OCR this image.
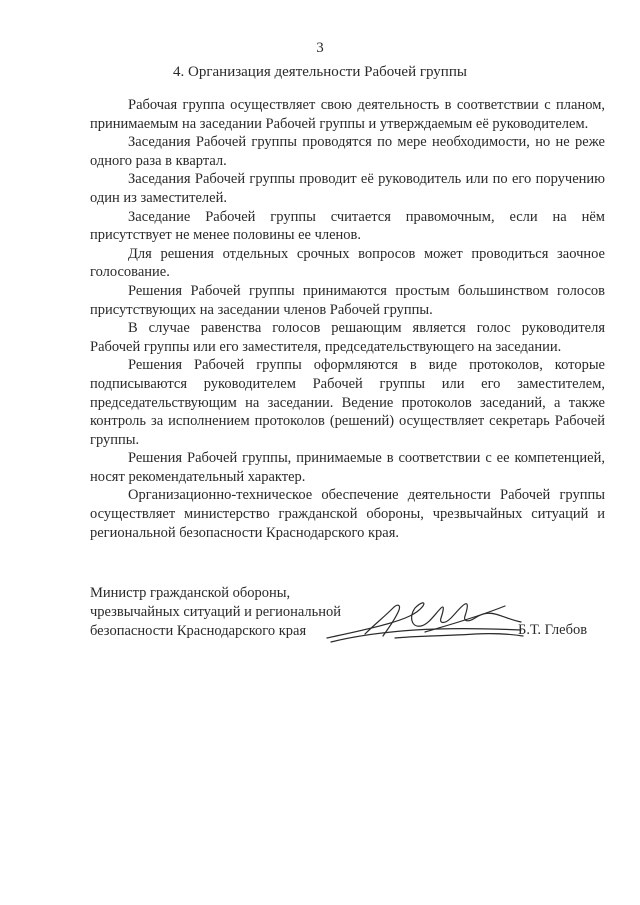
3
4. Организация деятельности Рабочей группы

Рабочая группа осуществляет свою деятельность в соответствии с планом, принимаемым на заседании Рабочей группы и утверждаемым её руководителем.

Заседания Рабочей группы проводятся по мере необходимости, но не реже одного раза в квартал.

Заседания Рабочей группы проводит её руководитель или по его поручению один из заместителей.

Заседание Рабочей группы считается правомочным, если на нём присутствует не менее половины ее членов.

Для решения отдельных срочных вопросов может проводиться заочное голосование.

Решения Рабочей группы принимаются простым большинством голосов присутствующих на заседании членов Рабочей группы.

В случае равенства голосов решающим является голос руководителя Рабочей группы или его заместителя, председательствующего на заседании.

Решения Рабочей группы оформляются в виде протоколов, которые подписываются руководителем Рабочей группы или его заместителем, председательствующим на заседании. Ведение протоколов заседаний, а также контроль за исполнением протоколов (решений) осуществляет секретарь Рабочей группы.

Решения Рабочей группы, принимаемые в соответствии с ее компетенцией, носят рекомендательный характер.

Организационно-техническое обеспечение деятельности Рабочей группы осуществляет министерство гражданской обороны, чрезвычайных ситуаций и региональной безопасности Краснодарского края.

Министр гражданской обороны,
чрезвычайных ситуаций и региональной
безопасности Краснодарского края	Б.Т. Глебов
